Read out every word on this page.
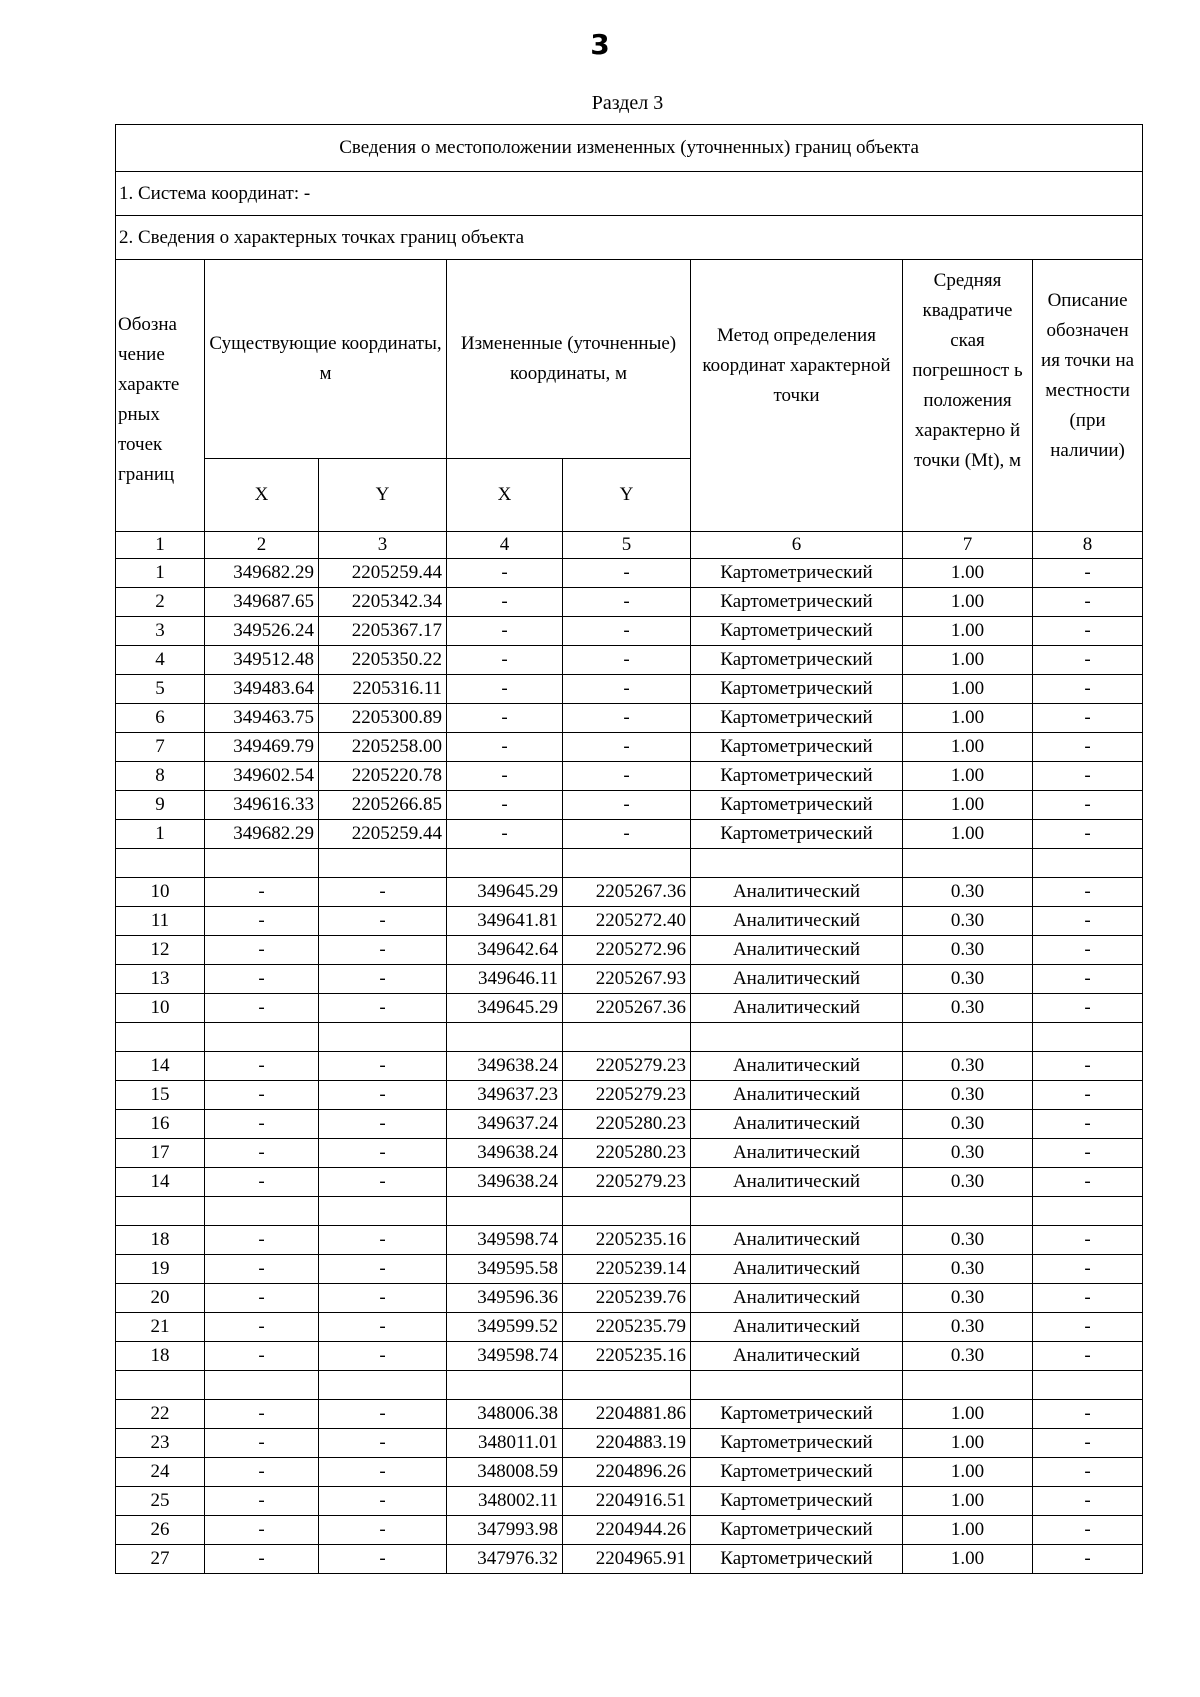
3
Раздел 3
Сведения о местоположении измененных (уточненных) границ объекта							
1. Система координат: -							
2. Сведения о характерных точках границ объекта							
Обозна чение характе рных точек границ	Существующие координаты, м		Измененные (уточненные) координаты, м		Метод определения координат характерной точки	Средняя квадратиче ская погрешност ь положения характерно й точки (Mt), м	Описание обозначен ия точки на местности (при наличии)
	X	Y	X	Y			
1	2	3	4	5	6	7	8
1	349682.29	2205259.44	-	-	Картометрический	1.00	-
2	349687.65	2205342.34	-	-	Картометрический	1.00	-
3	349526.24	2205367.17	-	-	Картометрический	1.00	-
4	349512.48	2205350.22	-	-	Картометрический	1.00	-
5	349483.64	2205316.11	-	-	Картометрический	1.00	-
6	349463.75	2205300.89	-	-	Картометрический	1.00	-
7	349469.79	2205258.00	-	-	Картометрический	1.00	-
8	349602.54	2205220.78	-	-	Картометрический	1.00	-
9	349616.33	2205266.85	-	-	Картометрический	1.00	-
1	349682.29	2205259.44	-	-	Картометрический	1.00	-

10	-	-	349645.29	2205267.36	Аналитический	0.30	-
11	-	-	349641.81	2205272.40	Аналитический	0.30	-
12	-	-	349642.64	2205272.96	Аналитический	0.30	-
13	-	-	349646.11	2205267.93	Аналитический	0.30	-
10	-	-	349645.29	2205267.36	Аналитический	0.30	-

14	-	-	349638.24	2205279.23	Аналитический	0.30	-
15	-	-	349637.23	2205279.23	Аналитический	0.30	-
16	-	-	349637.24	2205280.23	Аналитический	0.30	-
17	-	-	349638.24	2205280.23	Аналитический	0.30	-
14	-	-	349638.24	2205279.23	Аналитический	0.30	-

18	-	-	349598.74	2205235.16	Аналитический	0.30	-
19	-	-	349595.58	2205239.14	Аналитический	0.30	-
20	-	-	349596.36	2205239.76	Аналитический	0.30	-
21	-	-	349599.52	2205235.79	Аналитический	0.30	-
18	-	-	349598.74	2205235.16	Аналитический	0.30	-

22	-	-	348006.38	2204881.86	Картометрический	1.00	-
23	-	-	348011.01	2204883.19	Картометрический	1.00	-
24	-	-	348008.59	2204896.26	Картометрический	1.00	-
25	-	-	348002.11	2204916.51	Картометрический	1.00	-
26	-	-	347993.98	2204944.26	Картометрический	1.00	-
27	-	-	347976.32	2204965.91	Картометрический	1.00	-
